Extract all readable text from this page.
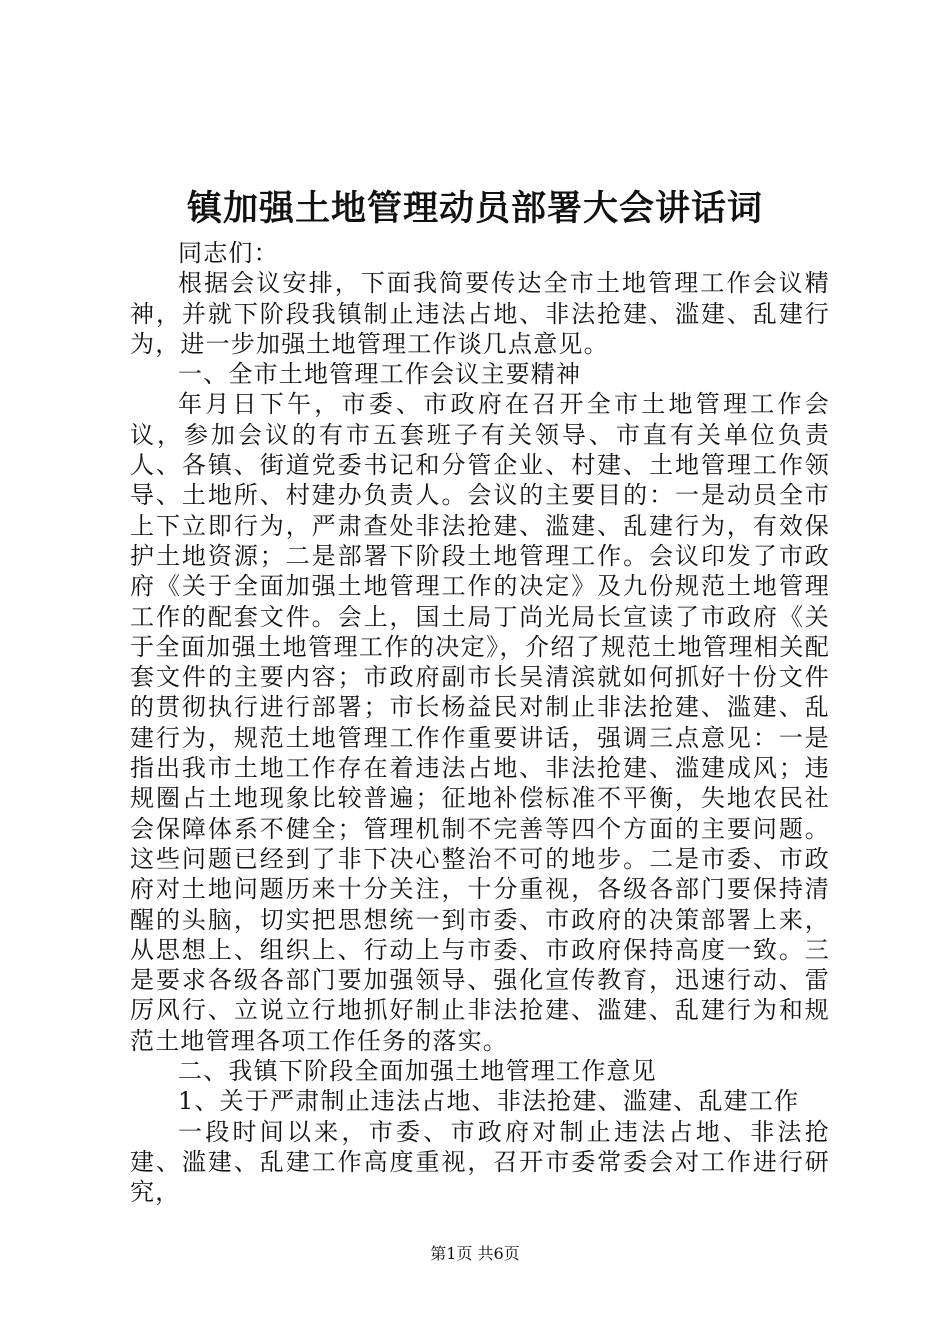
镇加强土地管理动员部署大会讲话词

同志们：

根据会议安排，下面我简要传达全市土地管理工作会议精神，并就下阶段我镇制止违法占地、非法抢建、滥建、乱建行为，进一步加强土地管理工作谈几点意见。

一、全市土地管理工作会议主要精神

年月日下午，市委、市政府在召开全市土地管理工作会议，参加会议的有市五套班子有关领导、市直有关单位负责人、各镇、街道党委书记和分管企业、村建、土地管理工作领导、土地所、村建办负责人。会议的主要目的：一是动员全市上下立即行为，严肃查处非法抢建、滥建、乱建行为，有效保护土地资源；二是部署下阶段土地管理工作。会议印发了市政府《关于全面加强土地管理工作的决定》及九份规范土地管理工作的配套文件。会上，国土局丁尚光局长宣读了市政府《关于全面加强土地管理工作的决定》，介绍了规范土地管理相关配套文件的主要内容；市政府副市长吴清滨就如何抓好十份文件的贯彻执行进行部署；市长杨益民对制止非法抢建、滥建、乱建行为，规范土地管理工作作重要讲话，强调三点意见：一是指出我市土地工作存在着违法占地、非法抢建、滥建成风；违规圈占土地现象比较普遍；征地补偿标准不平衡，失地农民社会保障体系不健全；管理机制不完善等四个方面的主要问题。这些问题已经到了非下决心整治不可的地步。二是市委、市政府对土地问题历来十分关注，十分重视，各级各部门要保持清醒的头脑，切实把思想统一到市委、市政府的决策部署上来，从思想上、组织上、行动上与市委、市政府保持高度一致。三是要求各级各部门要加强领导、强化宣传教育，迅速行动、雷厉风行、立说立行地抓好制止非法抢建、滥建、乱建行为和规范土地管理各项工作任务的落实。

二、我镇下阶段全面加强土地管理工作意见

1、关于严肃制止违法占地、非法抢建、滥建、乱建工作

一段时间以来，市委、市政府对制止违法占地、非法抢建、滥建、乱建工作高度重视，召开市委常委会对工作进行研究，

第1页 共6页
